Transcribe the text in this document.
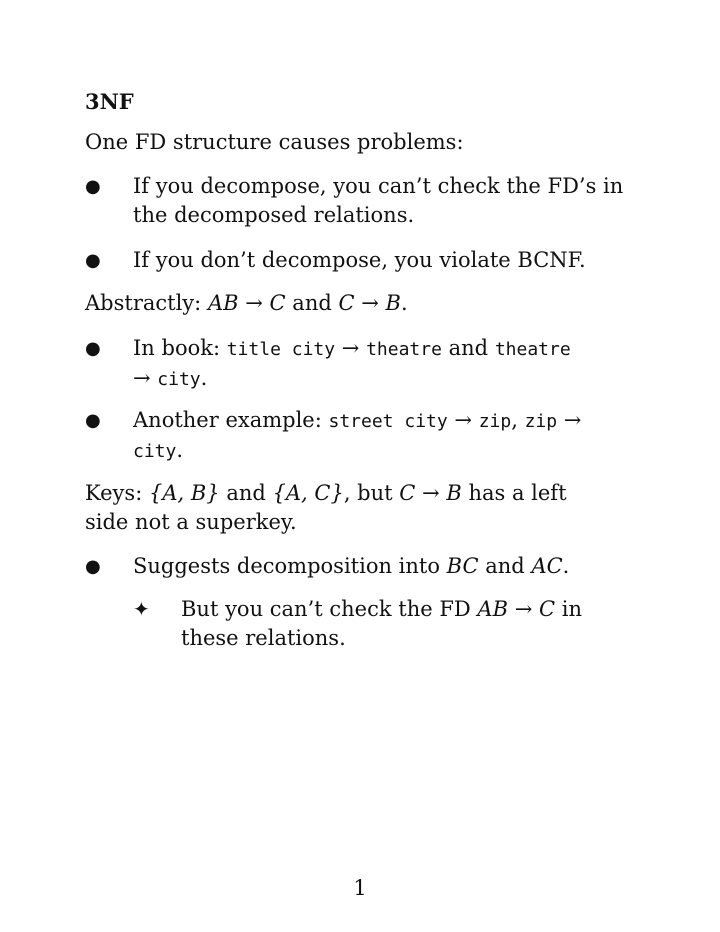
3NF
One FD structure causes problems:
● If you decompose, you can’t check the FD’s in
the decomposed relations.
● If you don’t decompose, you violate BCNF.
Abstractly: AB → C and C → B.
● In book: title city → theatre and theatre
→ city.
● Another example: street city → zip, zip →
city.
Keys: {A, B} and {A, C}, but C → B has a left
side not a superkey.
● Suggests decomposition into BC and AC.
✦ But you can’t check the FD AB → C in
these relations.
1
